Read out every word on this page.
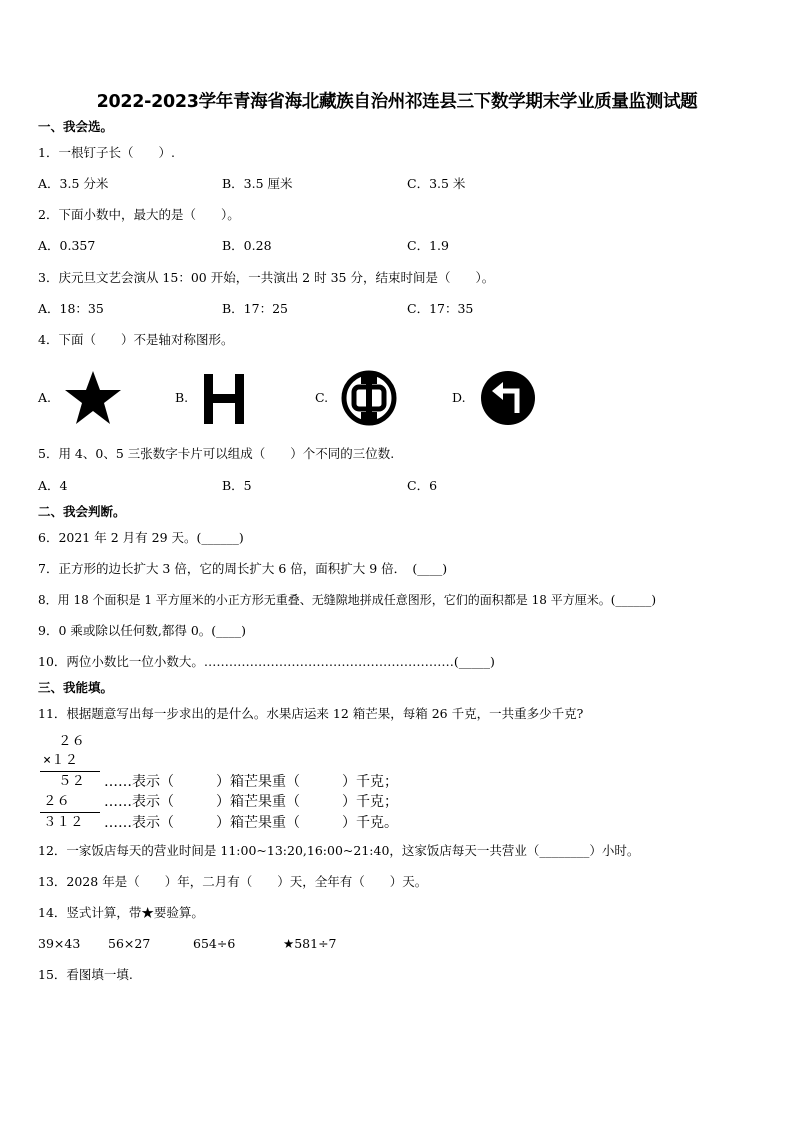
2022-2023学年青海省海北藏族自治州祁连县三下数学期末学业质量监测试题
一、我会选。
1．一根钉子长（　　）.
A．3.5 分米	B．3.5 厘米	C．3.5 米
2．下面小数中，最大的是（　　）。
A．0.357	B．0.28	C．1.9
3．庆元旦文艺会演从 15：00 开始，一共演出 2 时 35 分，结束时间是（　　）。
A．18：35	B．17：25	C．17：35
4．下面（　　）不是轴对称图形。
A.	B.	C.	D.
5．用 4、0、5 三张数字卡片可以组成（　　）个不同的三位数.
A．4	B．5	C．6
二、我会判断。
6．2021 年 2 月有 29 天。(______)
7．正方形的边长扩大 3 倍，它的周长扩大 6 倍，面积扩大 9 倍．　(____)
8．用 18 个面积是 1 平方厘米的小正方形无重叠、无缝隙地拼成任意图形，它们的面积都是 18 平方厘米。(______)
9．0 乘或除以任何数,都得 0。(____)
10．两位小数比一位小数大。……………………………………………………(_____)
三、我能填。
11．根据题意写出每一步求出的是什么。水果店运来 12 箱芒果，每箱 26 千克，一共重多少千克?
２６
×１２
５２
２６
３１２
……表示（　　　）箱芒果重（　　　）千克；
……表示（　　　）箱芒果重（　　　）千克；
……表示（　　　）箱芒果重（　　　）千克。
12．一家饭店每天的营业时间是 11:00~13:20,16:00~21:40，这家饭店每天一共营业（________）小时。
13．2028 年是（　　）年，二月有（　　）天，全年有（　　）天。
14．竖式计算，带★要验算。
39×43 56×27	654÷6	★581÷7
15．看图填一填.
